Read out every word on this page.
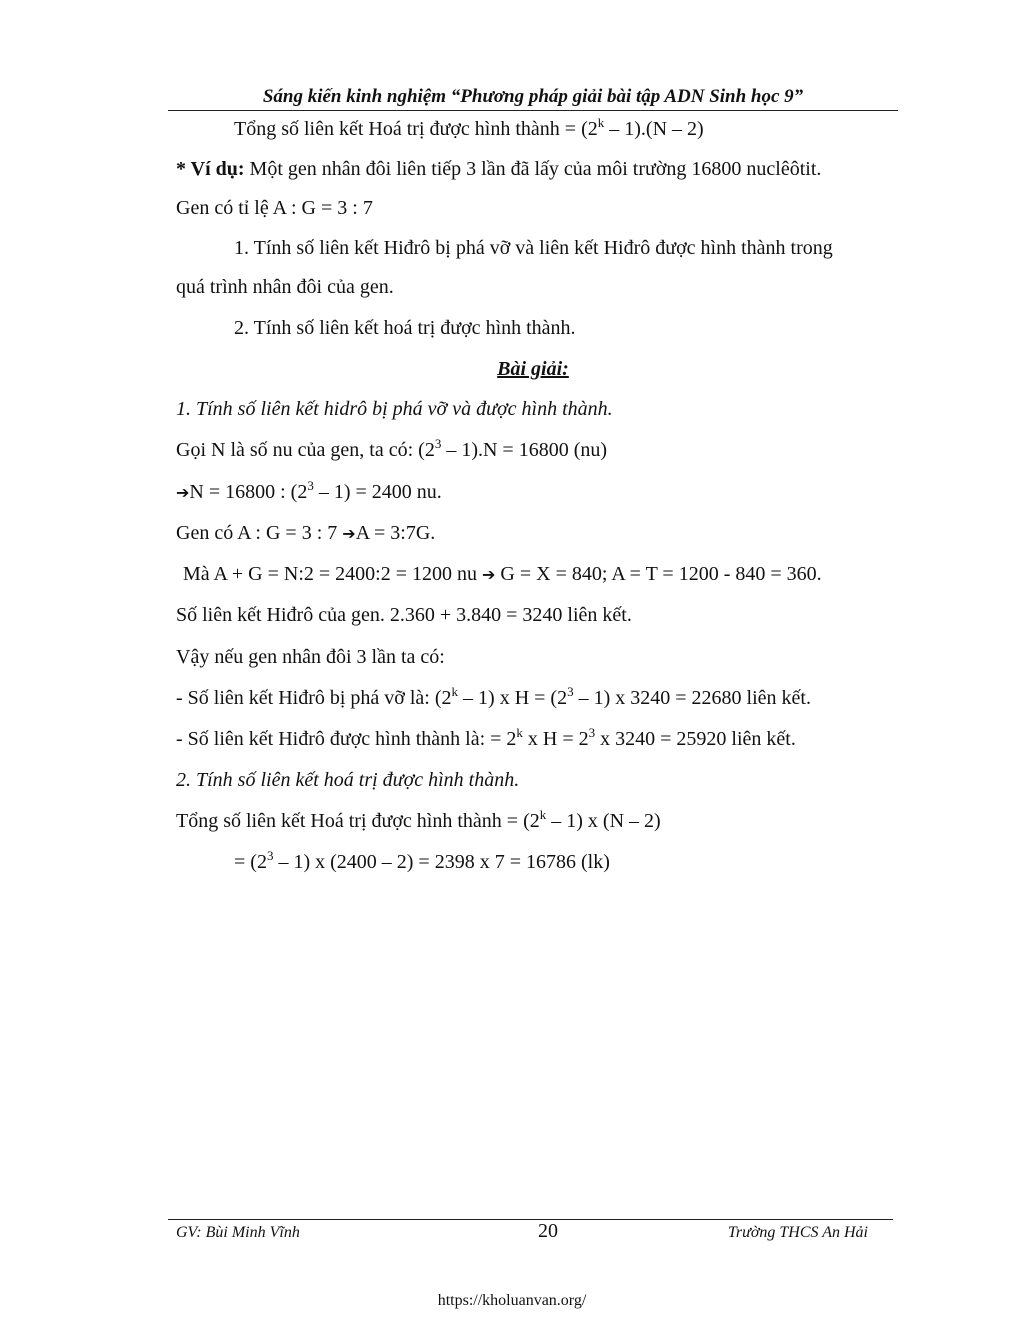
Sáng kiến kinh nghiệm “Phương pháp giải bài tập ADN Sinh học 9”
Tổng số liên kết Hoá trị được hình thành = $(2^k - 1).(N - 2)$
* Ví dụ: Một gen nhân đôi liên tiếp 3 lần đã lấy của môi trường 16800 nuclêôtit.
Gen có tỉ lệ A : G = 3 : 7
1. Tính số liên kết Hiđrô bị phá vỡ và liên kết Hiđrô được hình thành trong
quá trình nhân đôi của gen.
2. Tính số liên kết hoá trị được hình thành.
Bài giải:
1. Tính số liên kết hidrô bị phá vỡ và được hình thành.
Gọi N là số nu của gen, ta có: $(2^3 - 1).N = 16800$ (nu)
➔N = 16800 : $(2^3 - 1) = 2400$ nu.
Gen có A : G = 3 : 7 ➔A = 3:7G.
Mà A + G = N:2 = 2400:2 = 1200 nu ➔ G = X = 840; A = T = 1200 - 840 = 360.
Số liên kết Hiđrô của gen. 2.360 + 3.840 = 3240 liên kết.
Vậy nếu gen nhân đôi 3 lần ta có:
- Số liên kết Hiđrô bị phá vỡ là: (2$^k$ – 1) x $H = (2^3 - 1)$ x 3240 = 22680 liên kết.
- Số liên kết Hiđrô được hình thành là: = $2^k$ x $H = 2^3$ x 3240 = 25920 liên kết.
2. Tính số liên kết hoá trị được hình thành.
Tổng số liên kết Hoá trị được hình thành = $(2^k - 1)$ x (N – 2)
= $(2^3 - 1)$ x (2400 – 2) = 2398 x 7 = 16786 (lk)
GV: Bùi Minh Vĩnh	20	Trường THCS An Hải
https://kholuanvan.org/
